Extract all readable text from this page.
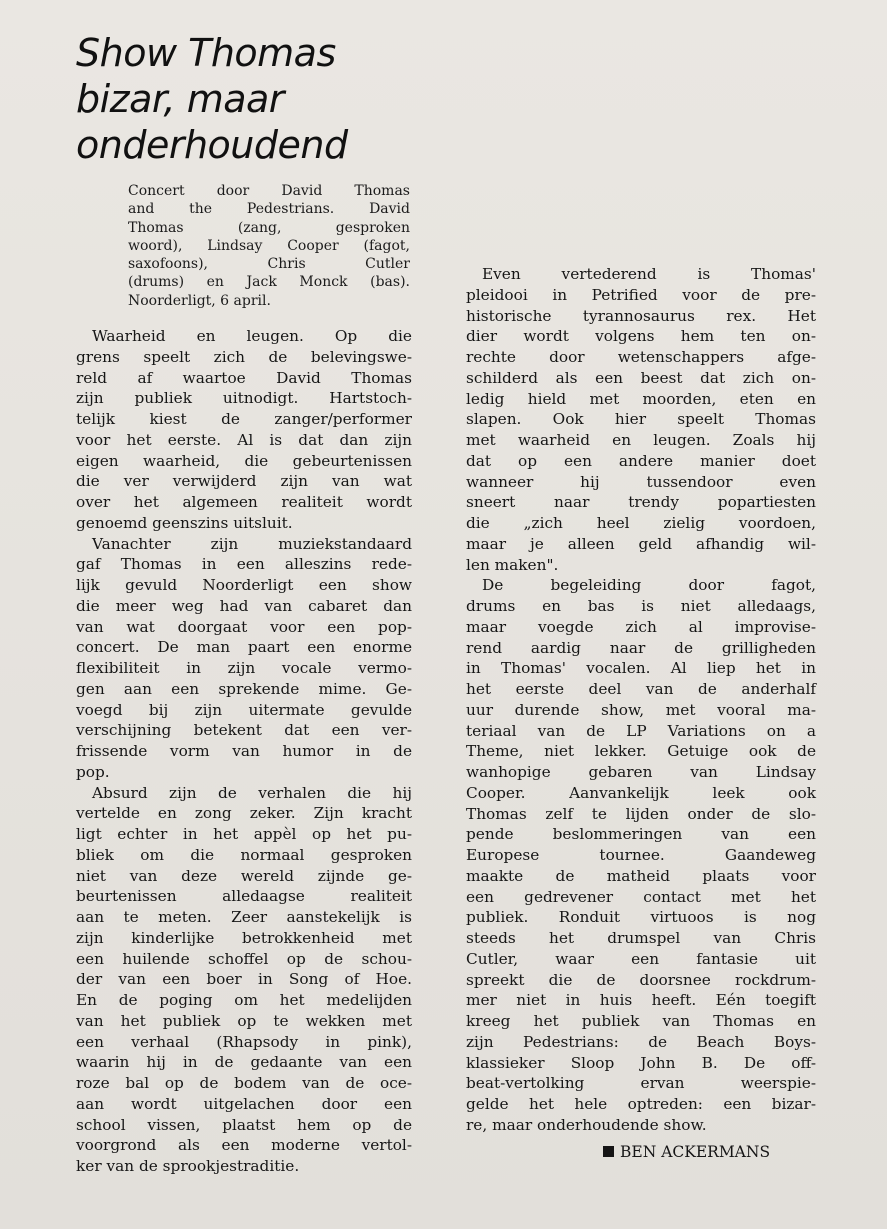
Show Thomas
bizar, maar
onderhoudend
Concert door David Thomas
and the Pedestrians. David
Thomas (zang, gesproken
woord), Lindsay Cooper (fagot,
saxofoons), Chris Cutler
(drums) en Jack Monck (bas).
Noorderligt, 6 april.
Waarheid en leugen. Op die
grens speelt zich de belevingswe-
reld af waartoe David Thomas
zijn publiek uitnodigt. Hartstoch-
telijk kiest de zanger/performer
voor het eerste. Al is dat dan zijn
eigen waarheid, die gebeurtenissen
die ver verwijderd zijn van wat
over het algemeen realiteit wordt
genoemd geenszins uitsluit.
Vanachter zijn muziekstandaard
gaf Thomas in een alleszins rede-
lijk gevuld Noorderligt een show
die meer weg had van cabaret dan
van wat doorgaat voor een pop-
concert. De man paart een enorme
flexibiliteit in zijn vocale vermo-
gen aan een sprekende mime. Ge-
voegd bij zijn uitermate gevulde
verschijning betekent dat een ver-
frissende vorm van humor in de
pop.
Absurd zijn de verhalen die hij
vertelde en zong zeker. Zijn kracht
ligt echter in het appèl op het pu-
bliek om die normaal gesproken
niet van deze wereld zijnde ge-
beurtenissen alledaagse realiteit
aan te meten. Zeer aanstekelijk is
zijn kinderlijke betrokkenheid met
een huilende schoffel op de schou-
der van een boer in Song of Hoe.
En de poging om het medelijden
van het publiek op te wekken met
een verhaal (Rhapsody in pink),
waarin hij in de gedaante van een
roze bal op de bodem van de oce-
aan wordt uitgelachen door een
school vissen, plaatst hem op de
voorgrond als een moderne vertol-
ker van de sprookjestraditie.
Even vertederend is Thomas'
pleidooi in Petrified voor de pre-
historische tyrannosaurus rex. Het
dier wordt volgens hem ten on-
rechte door wetenschappers afge-
schilderd als een beest dat zich on-
ledig hield met moorden, eten en
slapen. Ook hier speelt Thomas
met waarheid en leugen. Zoals hij
dat op een andere manier doet
wanneer hij tussendoor even
sneert naar trendy popartiesten
die „zich heel zielig voordoen,
maar je alleen geld afhandig wil-
len maken".
De begeleiding door fagot,
drums en bas is niet alledaags,
maar voegde zich al improvise-
rend aardig naar de grilligheden
in Thomas' vocalen. Al liep het in
het eerste deel van de anderhalf
uur durende show, met vooral ma-
teriaal van de LP Variations on a
Theme, niet lekker. Getuige ook de
wanhopige gebaren van Lindsay
Cooper. Aanvankelijk leek ook
Thomas zelf te lijden onder de slo-
pende beslommeringen van een
Europese tournee. Gaandeweg
maakte de matheid plaats voor
een gedrevener contact met het
publiek. Ronduit virtuoos is nog
steeds het drumspel van Chris
Cutler, waar een fantasie uit
spreekt die de doorsnee rockdrum-
mer niet in huis heeft. Eén toegift
kreeg het publiek van Thomas en
zijn Pedestrians: de Beach Boys-
klassieker Sloop John B. De off-
beat-vertolking ervan weerspie-
gelde het hele optreden: een bizar-
re, maar onderhoudende show.
BEN ACKERMANS
